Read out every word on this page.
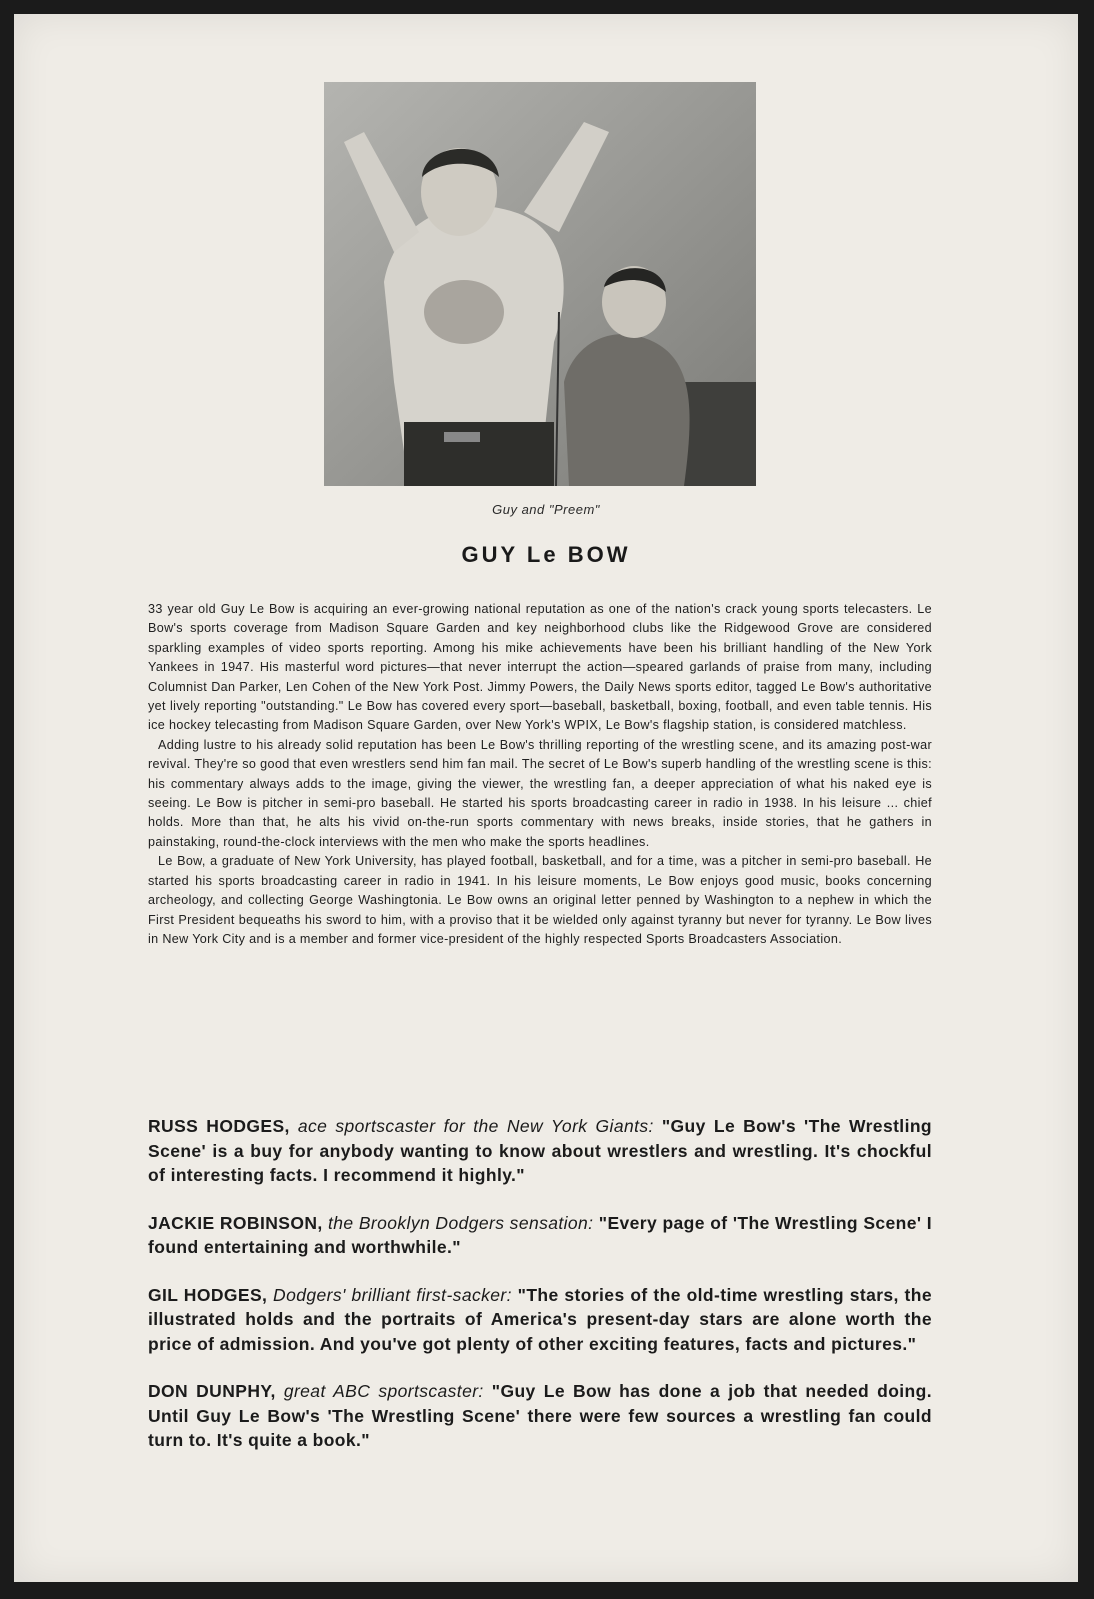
Guy and "Preem"
GUY Le BOW

33 year old Guy Le Bow is acquiring an ever-growing national reputation as one of the nation's crack young sports telecasters. Le Bow's sports coverage from Madison Square Garden and key neighborhood clubs like the Ridgewood Grove are considered sparkling examples of video sports reporting. Among his mike achievements have been his brilliant handling of the New York Yankees in 1947. His masterful word pictures—that never interrupt the action—speared garlands of praise from many, including Columnist Dan Parker, Len Cohen of the New York Post. Jimmy Powers, the Daily News sports editor, tagged Le Bow's authoritative yet lively reporting "outstanding." Le Bow has covered every sport—baseball, basketball, boxing, football, and even table tennis. His ice hockey telecasting from Madison Square Garden, over New York's WPIX, Le Bow's flagship station, is considered matchless.

Adding lustre to his already solid reputation has been Le Bow's thrilling reporting of the wrestling scene, and its amazing post-war revival. They're so good that even wrestlers send him fan mail. The secret of Le Bow's superb handling of the wrestling scene is this: his commentary always adds to the image, giving the viewer, the wrestling fan, a deeper appreciation of what his naked eye is seeing. Le Bow is pitcher in semi-pro baseball. He started his sports broadcasting career in radio in 1938. In his leisure ... chief holds. More than that, he alts his vivid on-the-run sports commentary with news breaks, inside stories, that he gathers in painstaking, round-the-clock interviews with the men who make the sports headlines.

Le Bow, a graduate of New York University, has played football, basketball, and for a time, was a pitcher in semi-pro baseball. He started his sports broadcasting career in radio in 1941. In his leisure moments, Le Bow enjoys good music, books concerning archeology, and collecting George Washingtonia. Le Bow owns an original letter penned by Washington to a nephew in which the First President bequeaths his sword to him, with a proviso that it be wielded only against tyranny but never for tyranny. Le Bow lives in New York City and is a member and former vice-president of the highly respected Sports Broadcasters Association.

RUSS HODGES, ace sportscaster for the New York Giants: "Guy Le Bow's 'The Wrestling Scene' is a buy for anybody wanting to know about wrestlers and wrestling. It's chockful of interesting facts. I recommend it highly."

JACKIE ROBINSON, the Brooklyn Dodgers sensation: "Every page of 'The Wrestling Scene' I found entertaining and worthwhile."

GIL HODGES, Dodgers' brilliant first-sacker: "The stories of the old-time wrestling stars, the illustrated holds and the portraits of America's present-day stars are alone worth the price of admission. And you've got plenty of other exciting features, facts and pictures."

DON DUNPHY, great ABC sportscaster: "Guy Le Bow has done a job that needed doing. Until Guy Le Bow's 'The Wrestling Scene' there were few sources a wrestling fan could turn to. It's quite a book."
